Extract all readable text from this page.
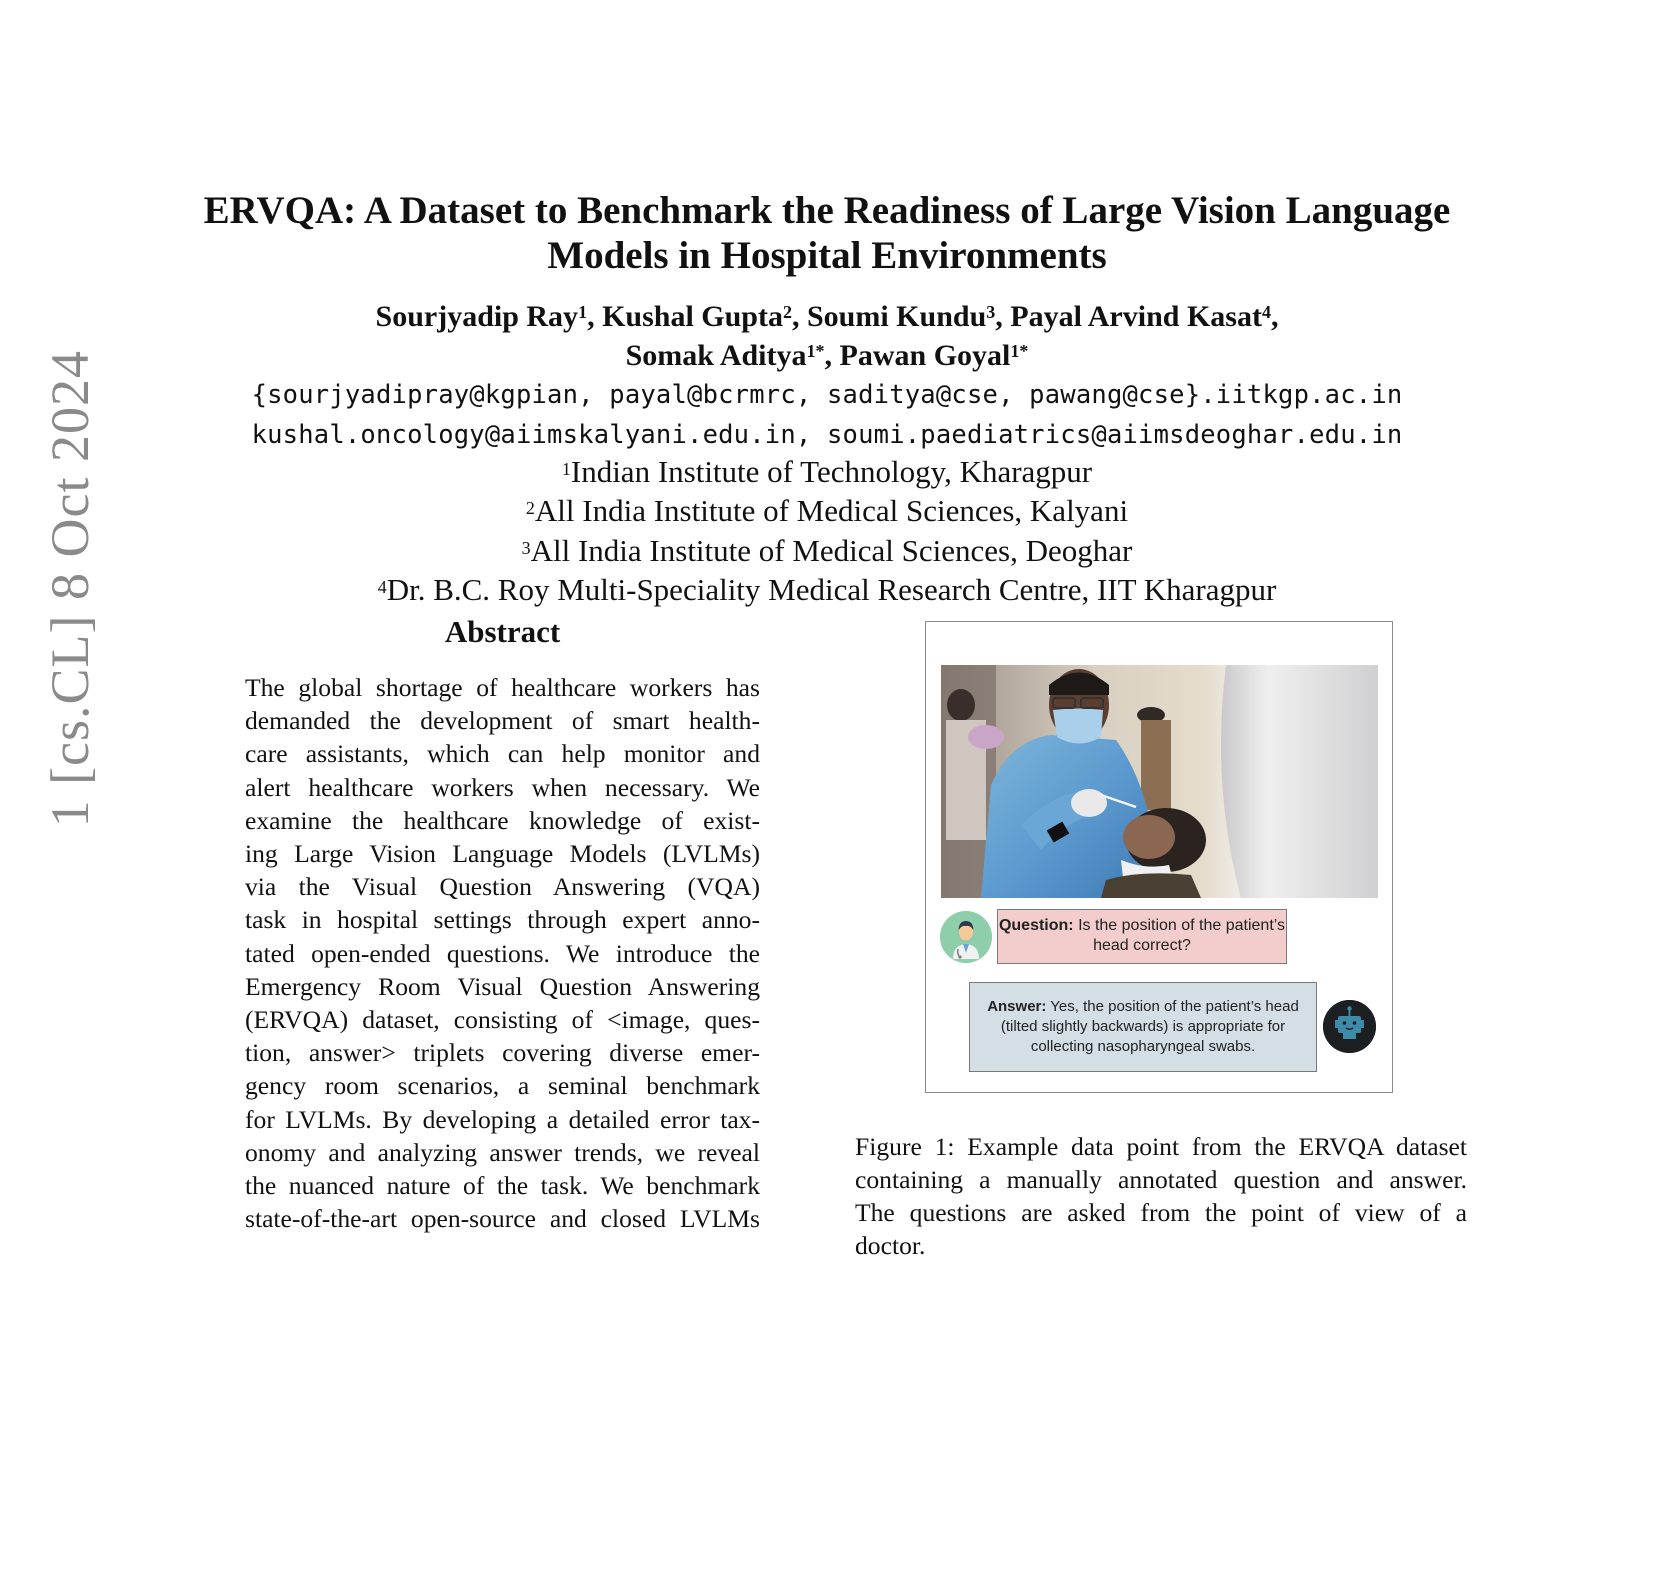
ERVQA: A Dataset to Benchmark the Readiness of Large Vision Language
Models in Hospital Environments
Sourjyadip Ray$^1$, Kushal Gupta$^2$, Soumi Kundu$^3$, Payal Arvind Kasat$^4$,
Somak Aditya$^{1*}$, Pawan Goyal$^{1*}$
{sourjyadipray@kgpian, payal@bcrmrc, saditya@cse, pawang@cse}.iitkgp.ac.in
kushal.oncology@aiimskalyani.edu.in, soumi.paediatrics@aiimsdeoghar.edu.in
$^1$Indian Institute of Technology, Kharagpur
$^2$All India Institute of Medical Sciences, Kalyani
$^3$All India Institute of Medical Sciences, Deoghar
$^4$Dr. B.C. Roy Multi-Speciality Medical Research Centre, IIT Kharagpur
Abstract
The global shortage of healthcare workers has
demanded the development of smart health-
care assistants, which can help monitor and
alert healthcare workers when necessary. We
examine the healthcare knowledge of exist-
ing Large Vision Language Models (LVLMs)
via the Visual Question Answering (VQA)
task in hospital settings through expert anno-
tated open-ended questions. We introduce the
Emergency Room Visual Question Answering
(ERVQA) dataset, consisting of <image, ques-
tion, answer> triplets covering diverse emer-
gency room scenarios, a seminal benchmark
for LVLMs. By developing a detailed error tax-
onomy and analyzing answer trends, we reveal
the nuanced nature of the task. We benchmark
state-of-the-art open-source and closed LVLMs
Question: Is the position of the patient’s head correct?
Answer: Yes, the position of the patient’s head (tilted slightly backwards) is appropriate for collecting nasopharyngeal swabs.
Figure 1: Example data point from the ERVQA dataset
containing a manually annotated question and answer.
The questions are asked from the point of view of a
doctor.
1 [cs.CL] 8 Oct 2024
